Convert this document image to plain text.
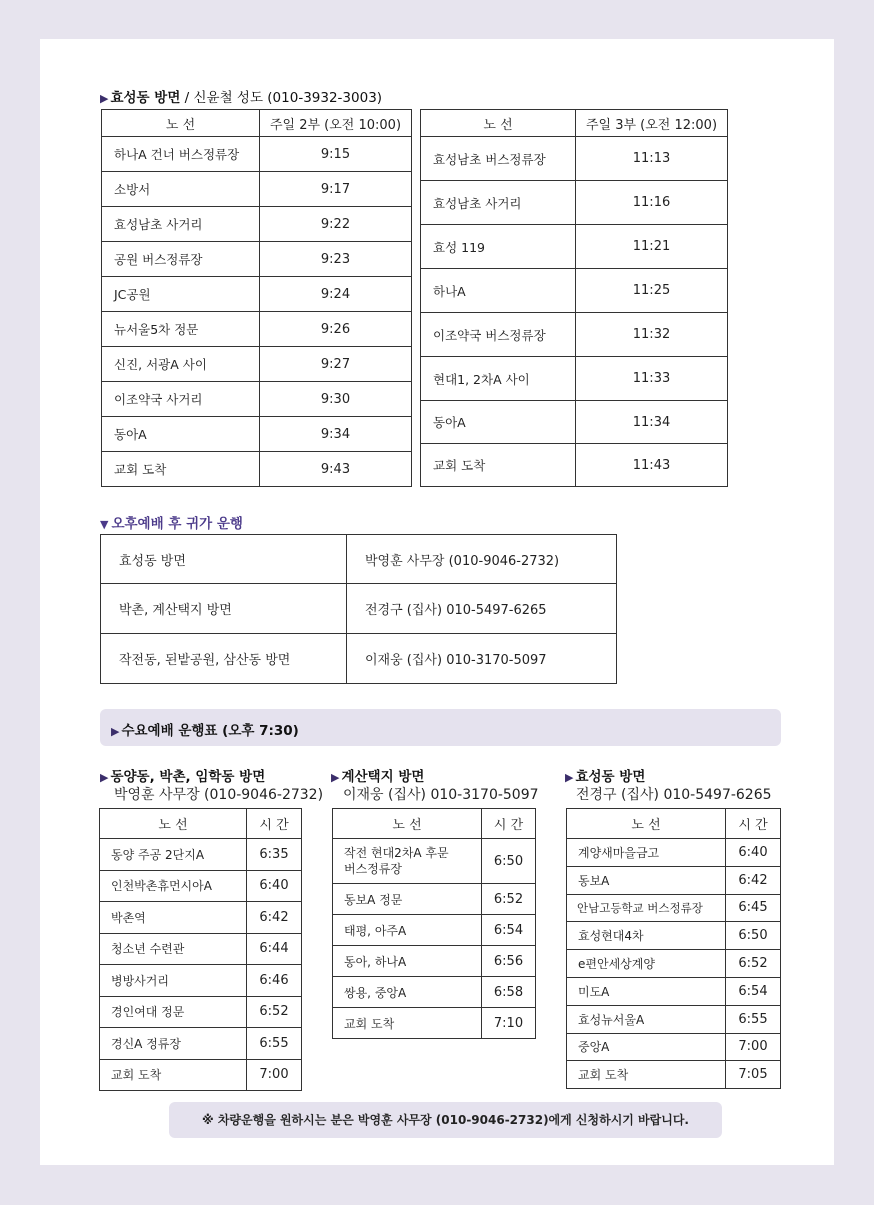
▶ 효성동 방면 / 신윤철 성도 (010-3932-3003)
노 선	주일 2부 (오전 10:00)
하나A 건너 버스정류장	9:15
소방서	9:17
효성남초 사거리	9:22
공원 버스정류장	9:23
JC공원	9:24
뉴서울5차 정문	9:26
신진, 서광A 사이	9:27
이조약국 사거리	9:30
동아A	9:34
교회 도착	9:43
노 선	주일 3부 (오전 12:00)
효성남초 버스정류장	11:13
효성남초 사거리	11:16
효성 119	11:21
하나A	11:25
이조약국 버스정류장	11:32
현대1, 2차A 사이	11:33
동아A	11:34
교회 도착	11:43
▼ 오후예배 후 귀가 운행
효성동 방면	박영훈 사무장 (010-9046-2732)
박촌, 계산택지 방면	전경구 (집사) 010-5497-6265
작전동, 된밭공원, 삼산동 방면	이재웅 (집사) 010-3170-5097
▶ 수요예배 운행표 (오후 7:30)
▶ 동양동, 박촌, 임학동 방면
박영훈 사무장 (010-9046-2732)
▶ 계산택지 방면
이재웅 (집사) 010-3170-5097
▶ 효성동 방면
전경구 (집사) 010-5497-6265
노 선	시 간
동양 주공 2단지A	6:35
인천박촌휴먼시아A	6:40
박촌역	6:42
청소년 수련관	6:44
병방사거리	6:46
경인여대 정문	6:52
경신A 정류장	6:55
교회 도착	7:00
노 선	시 간
작전 현대2차A 후문
버스정류장	6:50
동보A 정문	6:52
태평, 아주A	6:54
동아, 하나A	6:56
쌍용, 중앙A	6:58
교회 도착	7:10
노 선	시 간
계양새마을금고	6:40
동보A	6:42
안남고등학교 버스정류장	6:45
효성현대4차	6:50
e편안세상계양	6:52
미도A	6:54
효성뉴서울A	6:55
중앙A	7:00
교회 도착	7:05
※ 차량운행을 원하시는 분은 박영훈 사무장 (010-9046-2732)에게 신청하시기 바랍니다.
